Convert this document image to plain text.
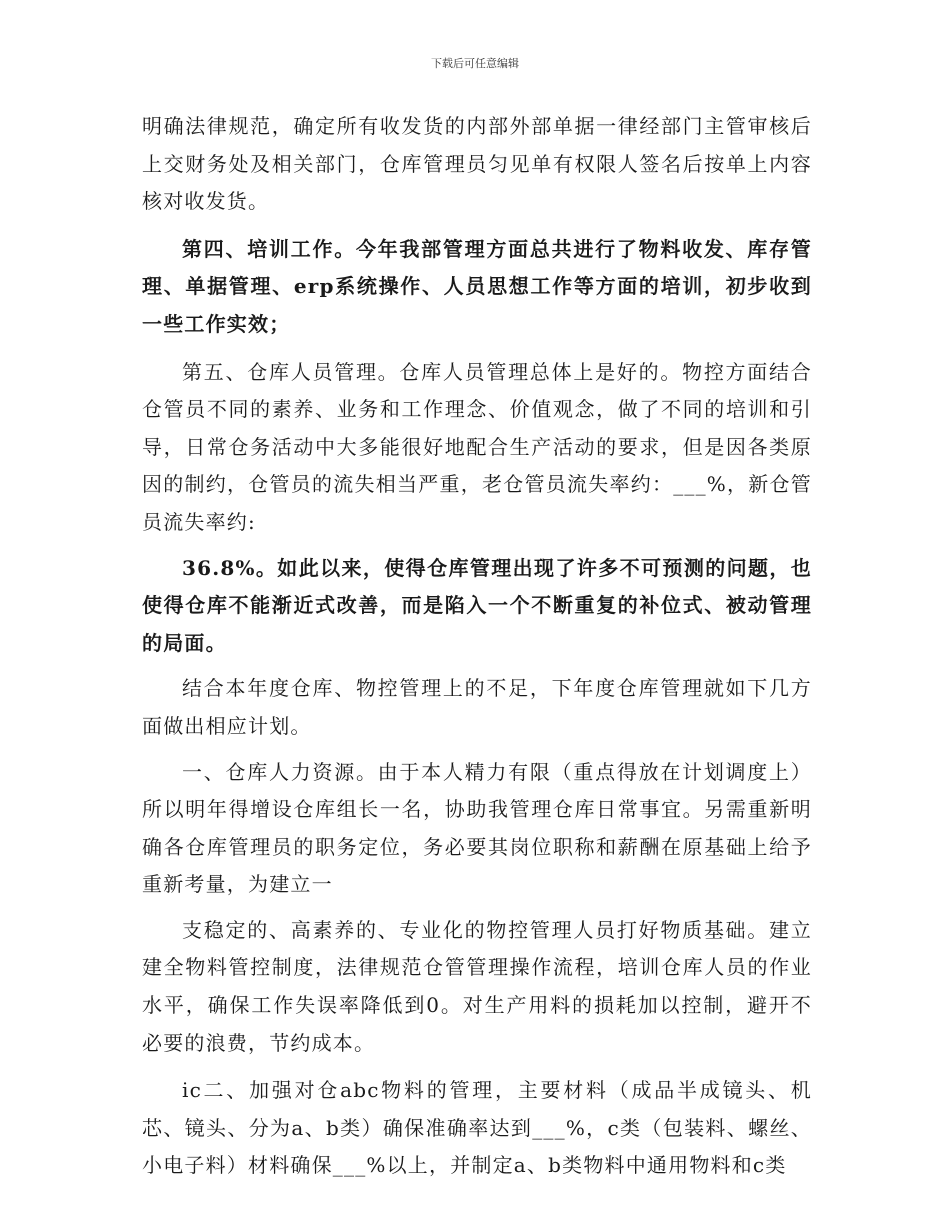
下载后可任意编辑

明确法律规范，确定所有收发货的内部外部单据一律经部门主管审核后上交财务处及相关部门，仓库管理员匀见单有权限人签名后按单上内容核对收发货。

第四、培训工作。今年我部管理方面总共进行了物料收发、库存管理、单据管理、erp系统操作、人员思想工作等方面的培训，初步收到一些工作实效；

第五、仓库人员管理。仓库人员管理总体上是好的。物控方面结合仓管员不同的素养、业务和工作理念、价值观念，做了不同的培训和引导，日常仓务活动中大多能很好地配合生产活动的要求，但是因各类原因的制约，仓管员的流失相当严重，老仓管员流失率约：___%，新仓管员流失率约:

36.8%。如此以来，使得仓库管理出现了许多不可预测的问题，也使得仓库不能渐近式改善，而是陷入一个不断重复的补位式、被动管理的局面。

结合本年度仓库、物控管理上的不足，下年度仓库管理就如下几方面做出相应计划。

一、仓库人力资源。由于本人精力有限（重点得放在计划调度上）所以明年得增设仓库组长一名，协助我管理仓库日常事宜。另需重新明确各仓库管理员的职务定位，务必要其岗位职称和薪酬在原基础上给予重新考量，为建立一

支稳定的、高素养的、专业化的物控管理人员打好物质基础。建立建全物料管控制度，法律规范仓管管理操作流程，培训仓库人员的作业水平，确保工作失误率降低到0。对生产用料的损耗加以控制，避开不必要的浪费，节约成本。

ic二、加强对仓abc物料的管理，主要材料（成品半成镜头、机芯、镜头、分为a、b类）确保准确率达到___%，c类（包装料、螺丝、小电子料）材料确保___%以上，并制定a、b类物料中通用物料和c类
